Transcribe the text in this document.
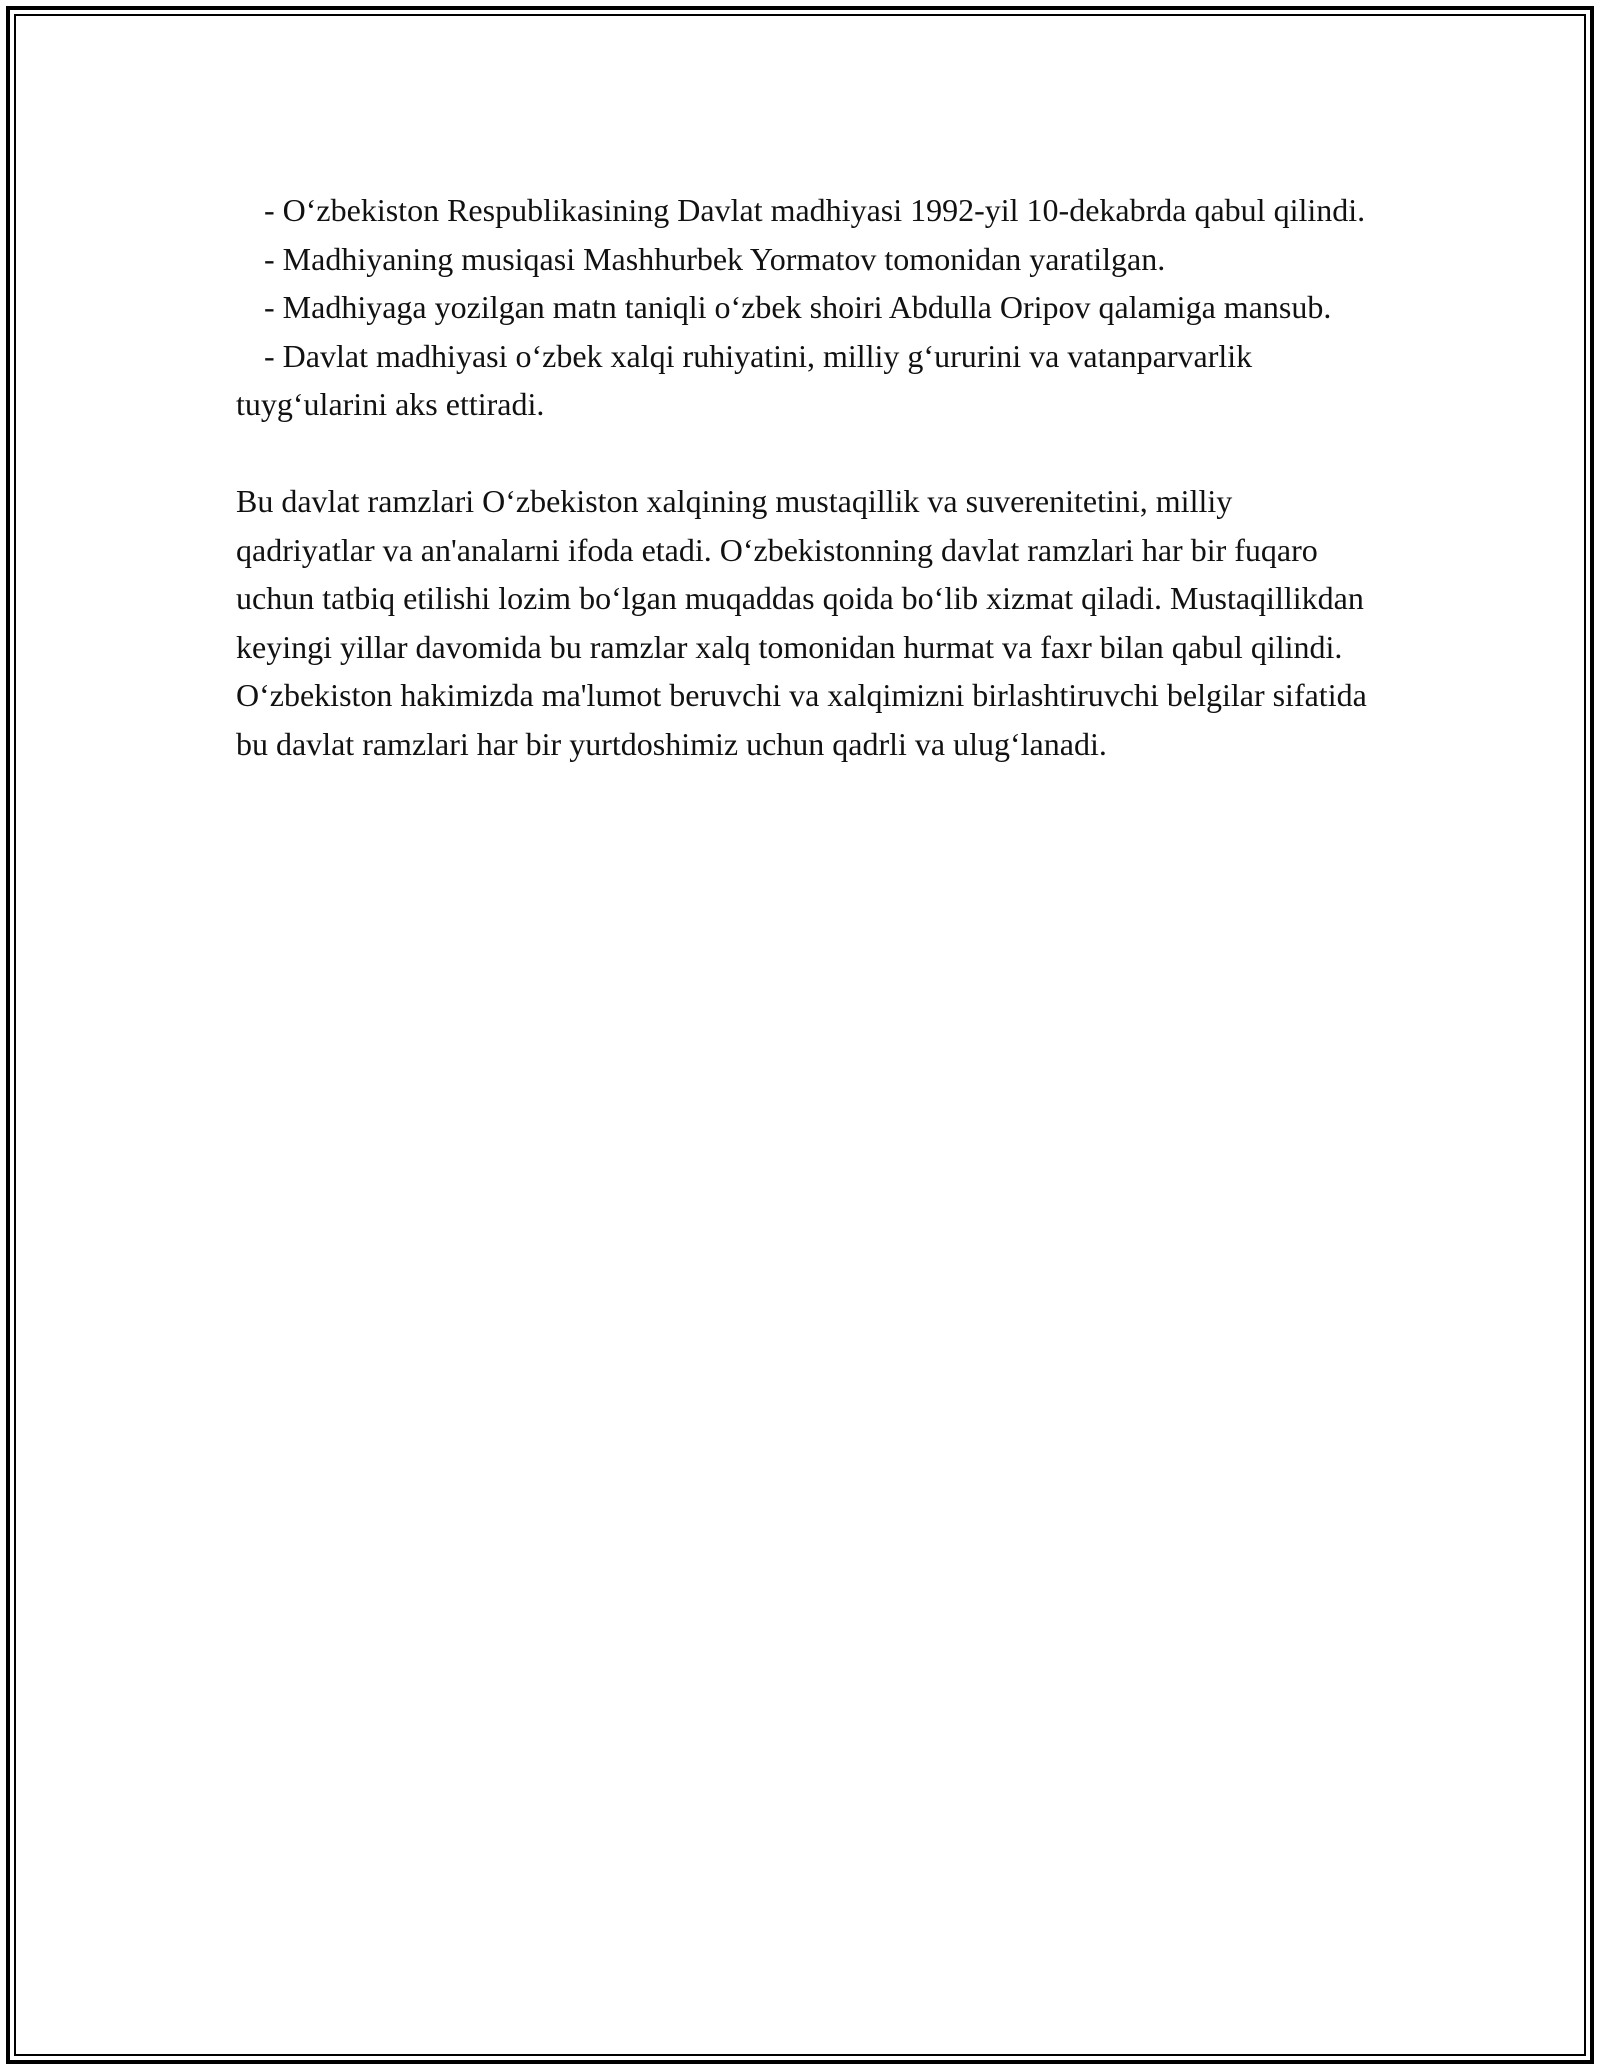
- O‘zbekiston Respublikasining Davlat madhiyasi 1992-yil 10-dekabrda qabul qilindi.

- Madhiyaning musiqasi Mashhurbek Yormatov tomonidan yaratilgan.

- Madhiyaga yozilgan matn taniqli o‘zbek shoiri Abdulla Oripov qalamiga mansub.

- Davlat madhiyasi o‘zbek xalqi ruhiyatini, milliy g‘ururini va vatanparvarlik tuyg‘ularini aks ettiradi.

Bu davlat ramzlari O‘zbekiston xalqining mustaqillik va suverenitetini, milliy qadriyatlar va an'analarni ifoda etadi. O‘zbekistonning davlat ramzlari har bir fuqaro uchun tatbiq etilishi lozim bo‘lgan muqaddas qoida bo‘lib xizmat qiladi. Mustaqillikdan keyingi yillar davomida bu ramzlar xalq tomonidan hurmat va faxr bilan qabul qilindi. O‘zbekiston hakimizda ma'lumot beruvchi va xalqimizni birlashtiruvchi belgilar sifatida bu davlat ramzlari har bir yurtdoshimiz uchun qadrli va ulug‘lanadi.
